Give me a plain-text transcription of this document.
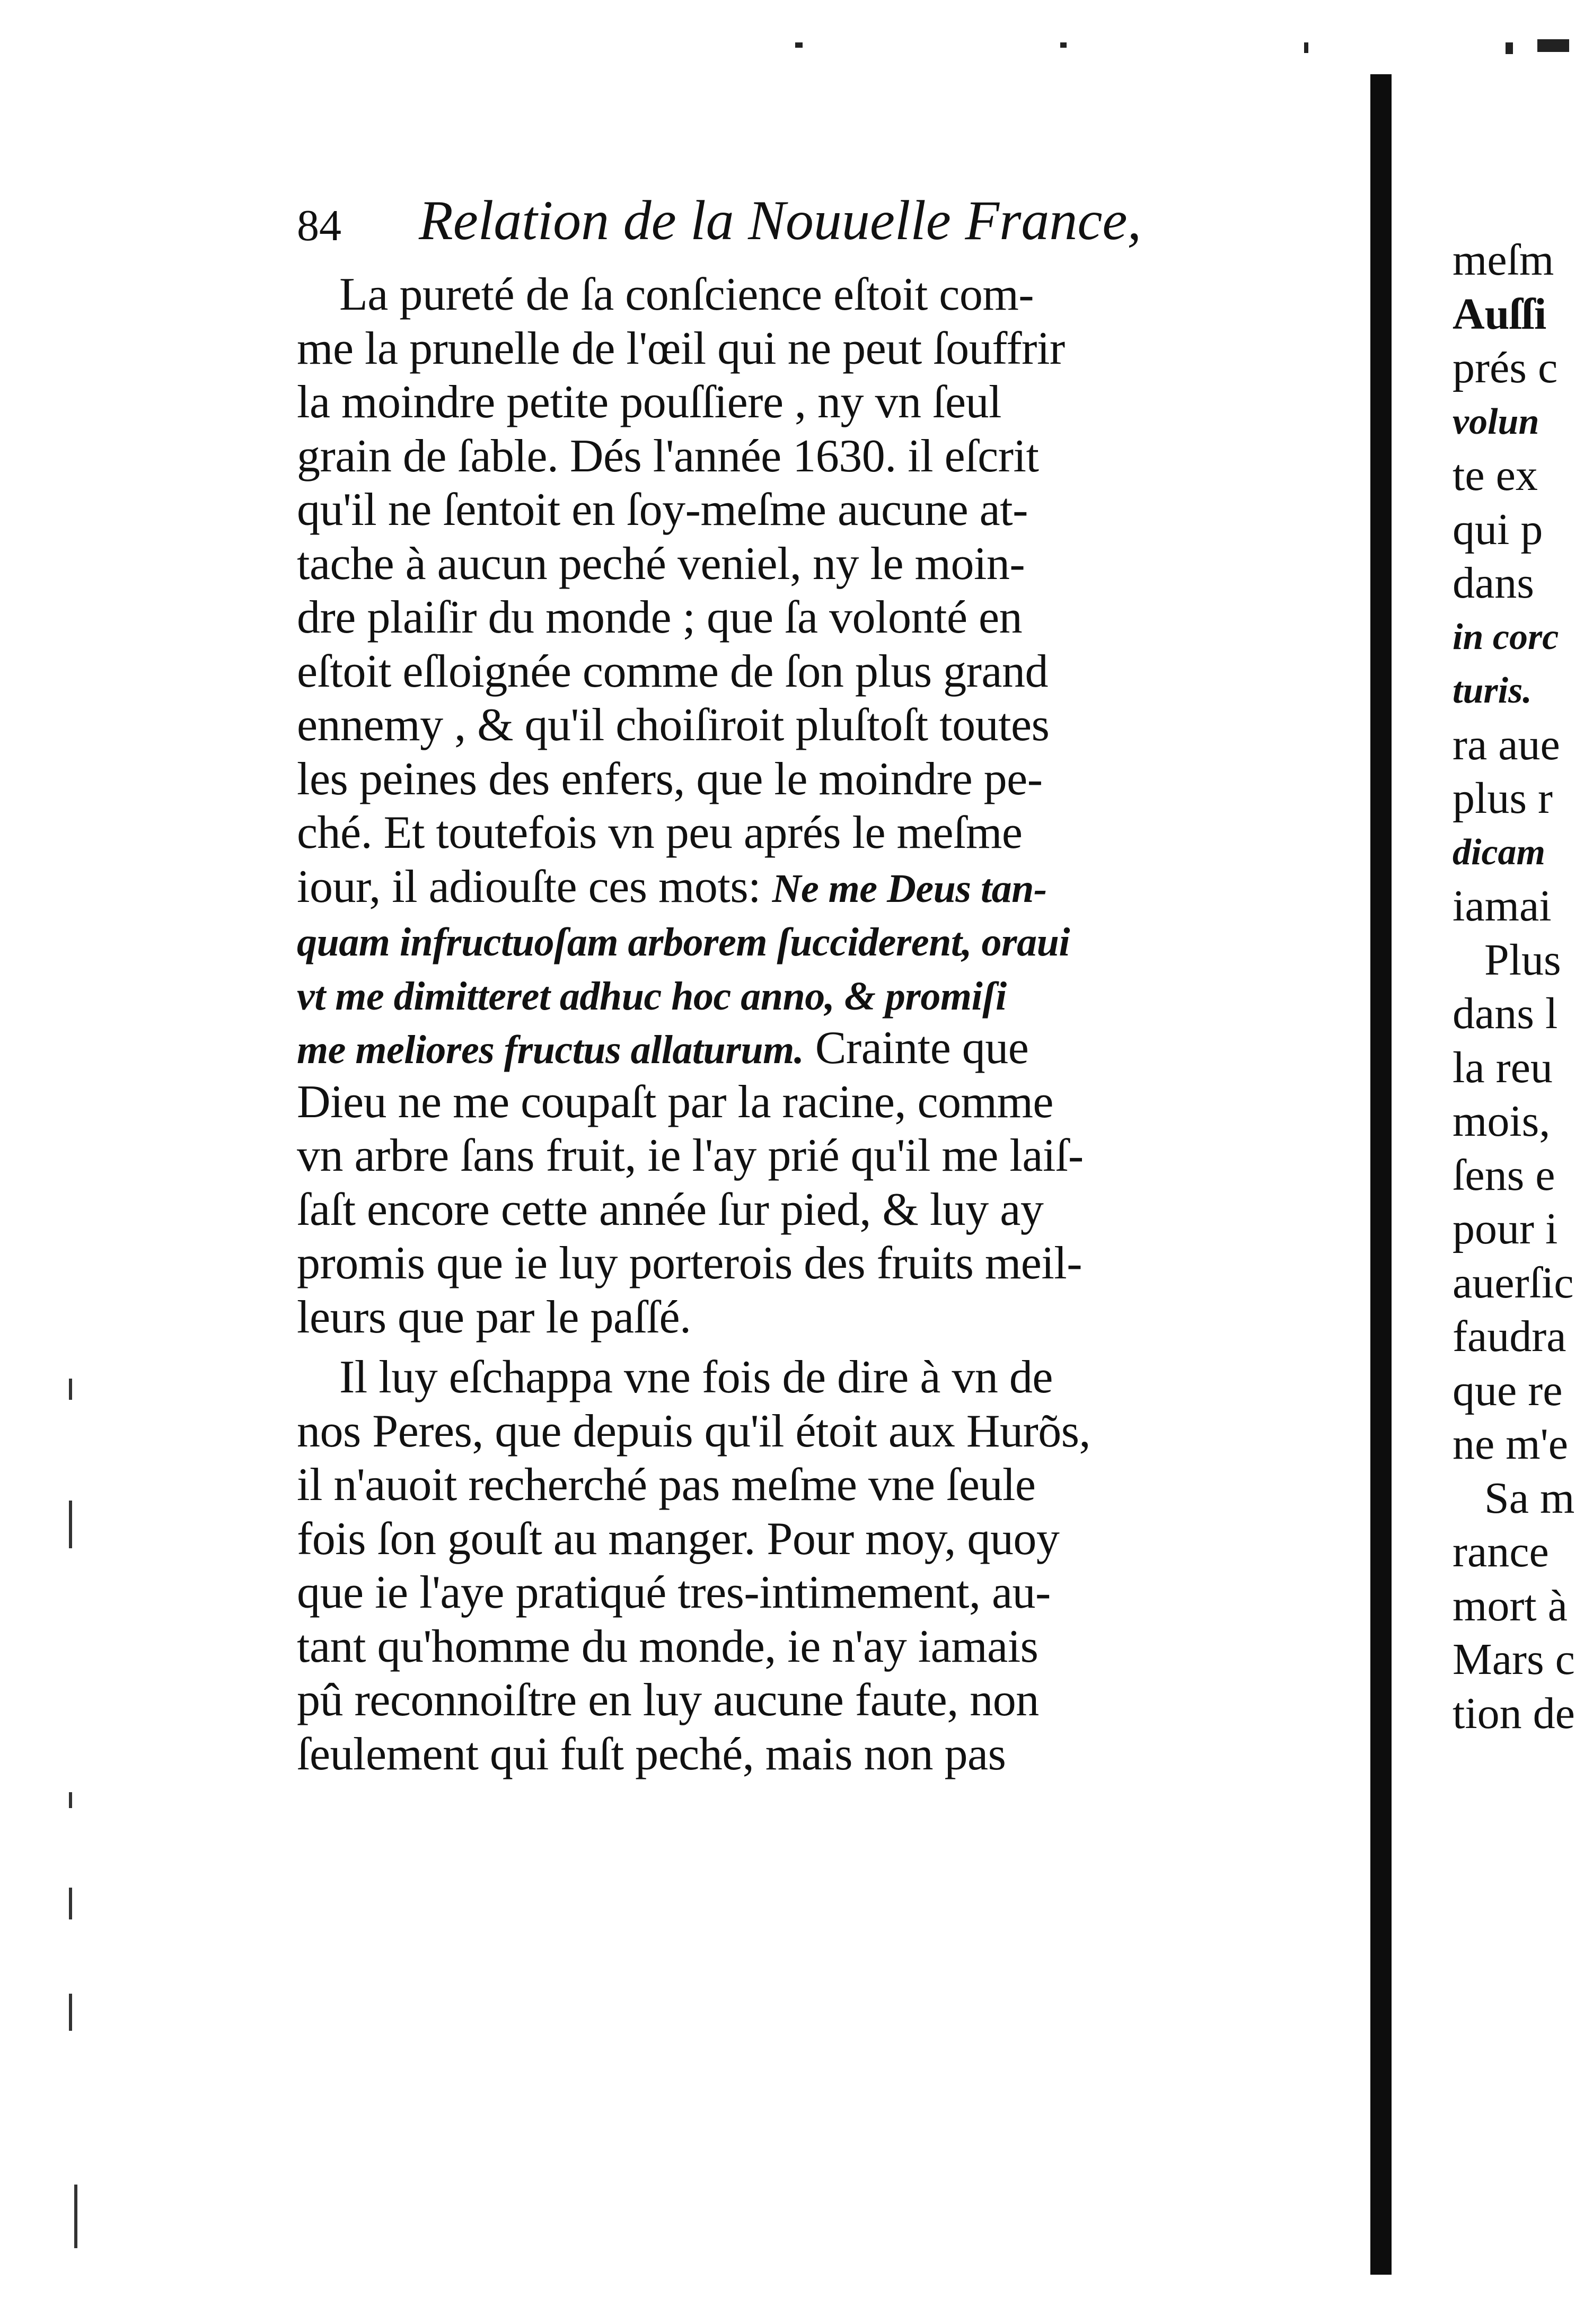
84 Relation de la Nouuelle France,
La pureté de ſa conſcience eſtoit com-
me la prunelle de l'œil qui ne peut ſouffrir
la moindre petite pouſſiere , ny vn ſeul
grain de ſable. Dés l'année 1630. il eſcrit
qu'il ne ſentoit en ſoy-meſme aucune at-
tache à aucun peché veniel, ny le moin-
dre plaiſir du monde ; que ſa volonté en
eſtoit eſloignée comme de ſon plus grand
ennemy , & qu'il choiſiroit pluſtoſt toutes
les peines des enfers, que le moindre pe-
ché. Et toutefois vn peu aprés le meſme
iour, il adiouſte ces mots: Ne me Deus tan-
quam infructuoſam arborem ſucciderent, oraui
vt me dimitteret adhuc hoc anno, & promiſi
me meliores fructus allaturum. Crainte que
Dieu ne me coupaſt par la racine, comme
vn arbre ſans fruit, ie l'ay prié qu'il me laiſ-
ſaſt encore cette année ſur pied, & luy ay
promis que ie luy porterois des fruits meil-
leurs que par le paſſé.
Il luy eſchappa vne fois de dire à vn de
nos Peres, que depuis qu'il étoit aux Hurõs,
il n'auoit recherché pas meſme vne ſeule
fois ſon gouſt au manger. Pour moy, quoy
que ie l'aye pratiqué tres-intimement, au-
tant qu'homme du monde, ie n'ay iamais
pû reconnoiſtre en luy aucune faute, non
ſeulement qui fuſt peché, mais non pas
meſm
Auſſi
prés c
volun
te ex
qui p
dans
in corc
turis.
ra aue
plus r
dicam
iamai
Plus
dans l
la reu
mois,
ſens e
pour i
auerſic
faudra
que re
ne m'e
Sa m
rance
mort à
Mars c
tion de
